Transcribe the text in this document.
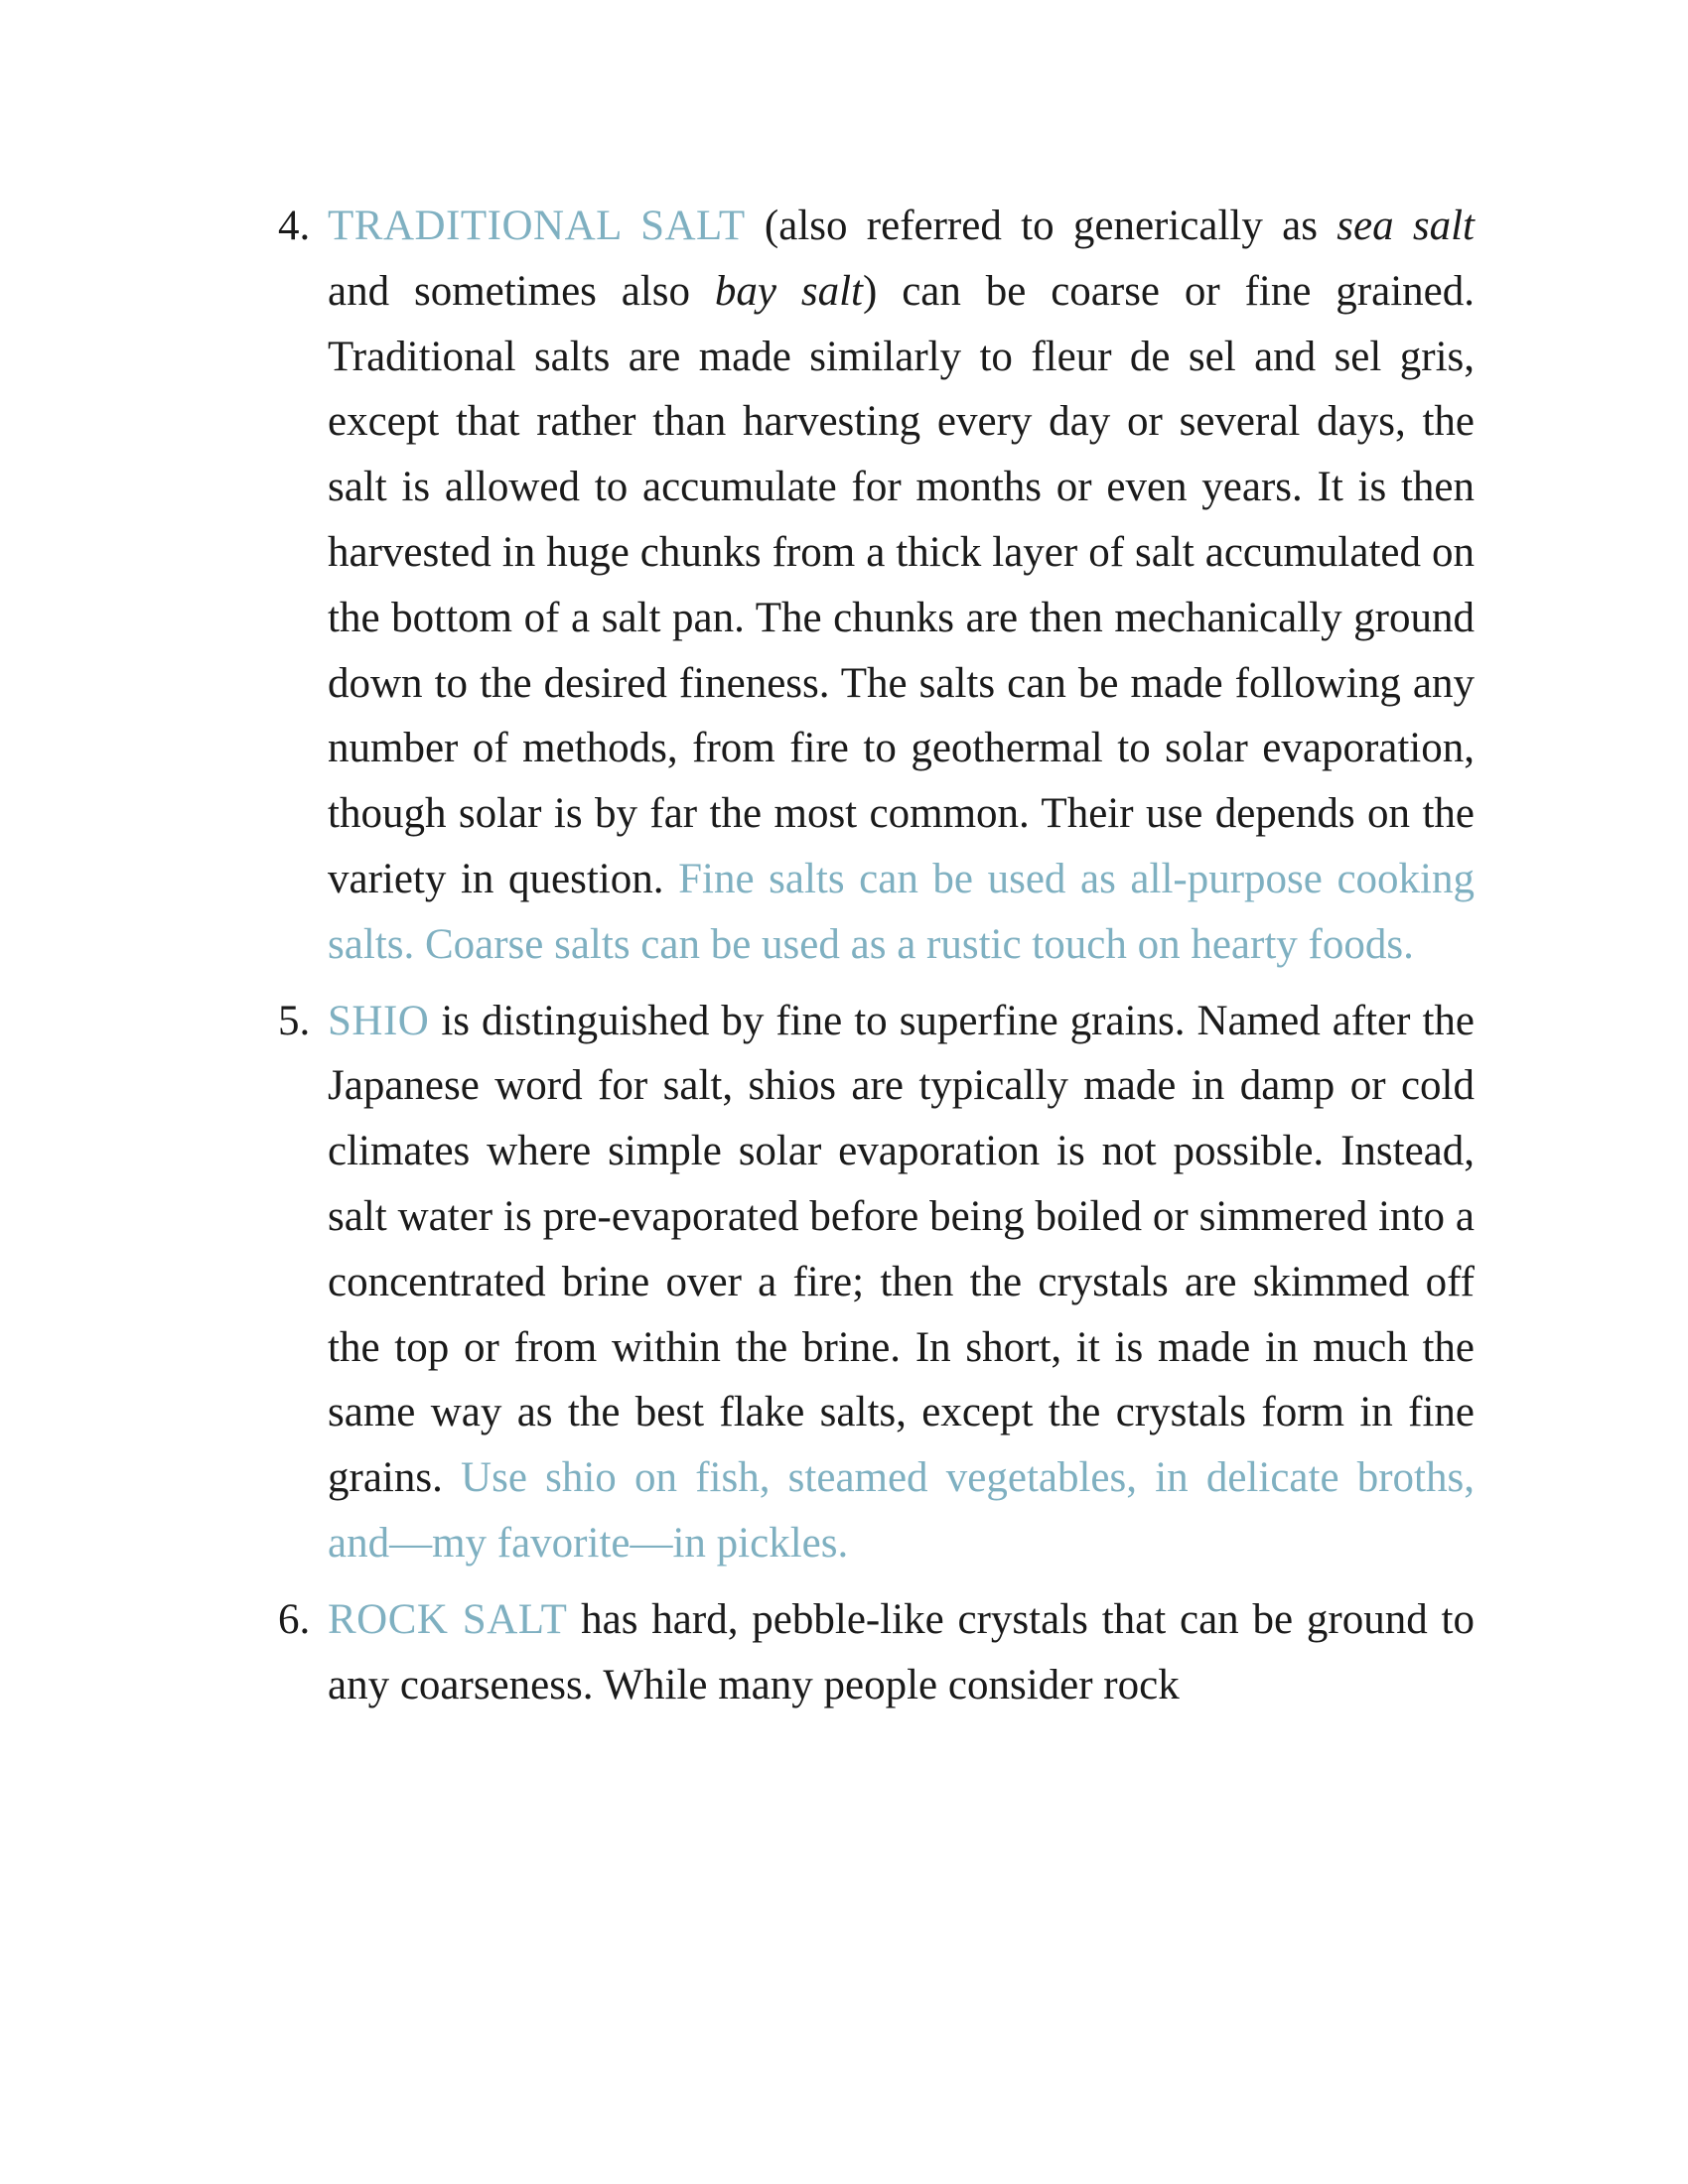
4. TRADITIONAL SALT (also referred to generically as sea salt and sometimes also bay salt) can be coarse or fine grained. Traditional salts are made similarly to fleur de sel and sel gris, except that rather than harvesting every day or several days, the salt is allowed to accumulate for months or even years. It is then harvested in huge chunks from a thick layer of salt accumulated on the bottom of a salt pan. The chunks are then mechanically ground down to the desired fineness. The salts can be made following any number of methods, from fire to geothermal to solar evaporation, though solar is by far the most common. Their use depends on the variety in question. Fine salts can be used as all-purpose cooking salts. Coarse salts can be used as a rustic touch on hearty foods.
5. SHIO is distinguished by fine to superfine grains. Named after the Japanese word for salt, shios are typically made in damp or cold climates where simple solar evaporation is not possible. Instead, salt water is pre-evaporated before being boiled or simmered into a concentrated brine over a fire; then the crystals are skimmed off the top or from within the brine. In short, it is made in much the same way as the best flake salts, except the crystals form in fine grains. Use shio on fish, steamed vegetables, in delicate broths, and—my favorite—in pickles.
6. ROCK SALT has hard, pebble-like crystals that can be ground to any coarseness. While many people consider rock
